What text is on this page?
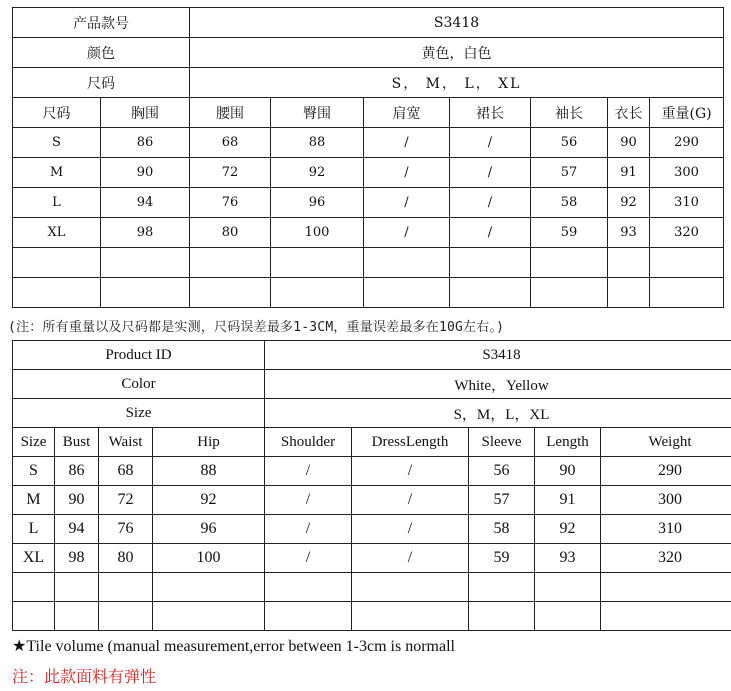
产品款号		S3418						
颜色		黄色，白色						
尺码		S， M， L， XL						
尺码	胸围	腰围	臀围	肩宽	裙长	袖长	衣长	重量(G)
S	86	68	88	/	/	56	90	290
M	90	72	92	/	/	57	91	300
L	94	76	96	/	/	58	92	310
XL	98	80	100	/	/	59	93	320

(注：所有重量以及尺码都是实测，尺码误差最多1-3CM，重量误差最多在10G左右。)
Product ID				S3418				
Color				White，Yellow				
Size				S，M，L，XL				
Size	Bust	Waist	Hip	Shoulder	DressLength	Sleeve	Length	Weight
S	86	68	88	/	/	56	90	290
M	90	72	92	/	/	57	91	300
L	94	76	96	/	/	58	92	310
XL	98	80	100	/	/	59	93	320

★Tile volume (manual measurement,error between 1-3cm is normall
注：此款面料有弹性
